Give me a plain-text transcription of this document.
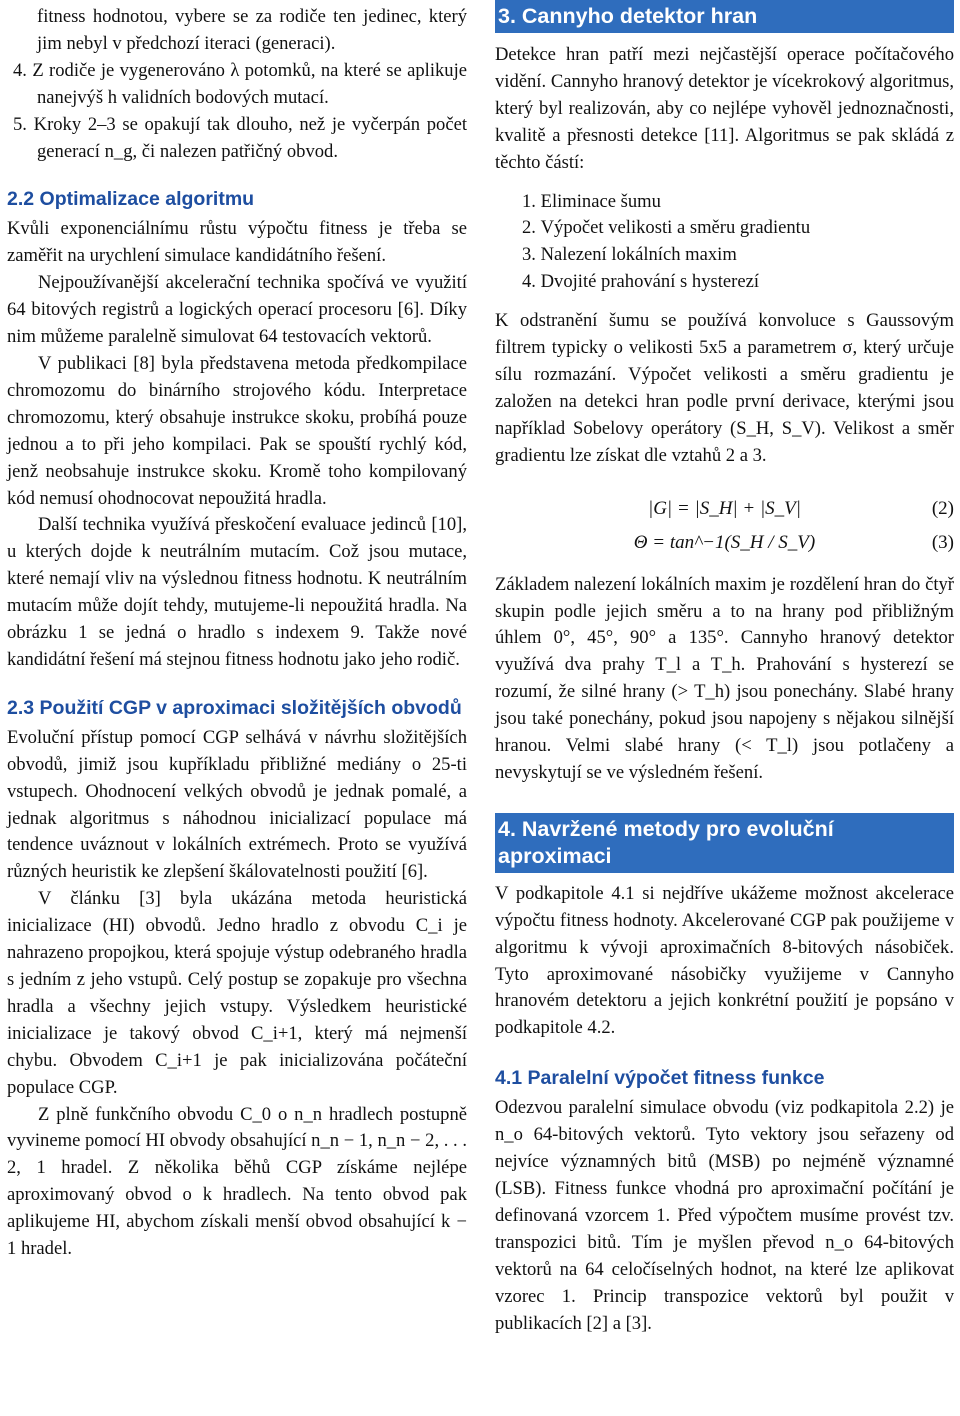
fitness hodnotou, vybere se za rodiče ten jedinec, který jim nebyl v předchozí iteraci (generaci).

4. Z rodiče je vygenerováno λ potomků, na které se aplikuje nanejvýš h validních bodových mutací.

5. Kroky 2–3 se opakují tak dlouho, než je vyčerpán počet generací n_g, či nalezen patřičný obvod.

2.2 Optimalizace algoritmu

Kvůli exponenciálnímu růstu výpočtu fitness je třeba se zaměřit na urychlení simulace kandidátního řešení.

Nejpoužívanější akcelerační technika spočívá ve využití 64 bitových registrů a logických operací procesoru [6]. Díky nim můžeme paralelně simulovat 64 testovacích vektorů.

V publikaci [8] byla představena metoda předkompilace chromozomu do binárního strojového kódu. Interpretace chromozomu, který obsahuje instrukce skoku, probíhá pouze jednou a to při jeho kompilaci. Pak se spouští rychlý kód, jenž neobsahuje instrukce skoku. Kromě toho kompilovaný kód nemusí ohodnocovat nepoužitá hradla.

Další technika využívá přeskočení evaluace jedinců [10], u kterých dojde k neutrálním mutacím. Což jsou mutace, které nemají vliv na výslednou fitness hodnotu. K neutrálním mutacím může dojít tehdy, mutujeme-li nepoužitá hradla. Na obrázku 1 se jedná o hradlo s indexem 9. Takže nové kandidátní řešení má stejnou fitness hodnotu jako jeho rodič.

2.3 Použití CGP v aproximaci složitějších obvodů

Evoluční přístup pomocí CGP selhává v návrhu složitějších obvodů, jimiž jsou kupříkladu přibližné mediány o 25-ti vstupech. Ohodnocení velkých obvodů je jednak pomalé, a jednak algoritmus s náhodnou inicializací populace má tendence uváznout v lokálních extrémech. Proto se využívá různých heuristik ke zlepšení škálovatelnosti použití [6].

V článku [3] byla ukázána metoda heuristická inicializace (HI) obvodů. Jedno hradlo z obvodu C_i je nahrazeno propojkou, která spojuje výstup odebraného hradla s jedním z jeho vstupů. Celý postup se zopakuje pro všechna hradla a všechny jejich vstupy. Výsledkem heuristické inicializace je takový obvod C_i+1, který má nejmenší chybu. Obvodem C_i+1 je pak inicializována počáteční populace CGP.

Z plně funkčního obvodu C_0 o n_n hradlech postupně vyvineme pomocí HI obvody obsahující n_n − 1, n_n − 2, . . . 2, 1 hradel. Z několika běhů CGP získáme nejlépe aproximovaný obvod o k hradlech. Na tento obvod pak aplikujeme HI, abychom získali menší obvod obsahující k − 1 hradel.

3. Cannyho detektor hran

Detekce hran patří mezi nejčastější operace počítačového vidění. Cannyho hranový detektor je vícekrokový algoritmus, který byl realizován, aby co nejlépe vyhověl jednoznačnosti, kvalitě a přesnosti detekce [11]. Algoritmus se pak skládá z těchto částí:

1.
Eliminace šumu
2.
Výpočet velikosti a směru gradientu
3.
Nalezení lokálních maxim
4.
Dvojité prahování s hysterezí

K odstranění šumu se používá konvoluce s Gaussovým filtrem typicky o velikosti 5x5 a parametrem σ, který určuje sílu rozmazání. Výpočet velikosti a směru gradientu je založen na detekci hran podle první derivace, kterými jsou například Sobelovy operátory (S_H, S_V). Velikost a směr gradientu lze získat dle vztahů 2 a 3.

|G| = |S_H| + |S_V|	(2)
Θ = tan^−1(S_H / S_V)	(3)

Základem nalezení lokálních maxim je rozdělení hran do čtyř skupin podle jejich směru a to na hrany pod přibližným úhlem 0°, 45°, 90° a 135°. Cannyho hranový detektor využívá dva prahy T_l a T_h. Prahování s hysterezí se rozumí, že silné hrany (> T_h) jsou ponechány. Slabé hrany jsou také ponechány, pokud jsou napojeny s nějakou silnější hranou. Velmi slabé hrany (< T_l) jsou potlačeny a nevyskytují se ve výsledném řešení.

4. Navržené metody pro evoluční aproximaci

V podkapitole 4.1 si nejdříve ukážeme možnost akcelerace výpočtu fitness hodnoty. Akcelerované CGP pak použijeme v algoritmu k vývoji aproximačních 8-bitových násobiček. Tyto aproximované násobičky využijeme v Cannyho hranovém detektoru a jejich konkrétní použití je popsáno v podkapitole 4.2.

4.1 Paralelní výpočet fitness funkce

Odezvou paralelní simulace obvodu (viz podkapitola 2.2) je n_o 64-bitových vektorů. Tyto vektory jsou seřazeny od nejvíce významných bitů (MSB) po nejméně významné (LSB). Fitness funkce vhodná pro aproximační počítání je definovaná vzorcem 1. Před výpočtem musíme provést tzv. transpozici bitů. Tím je myšlen převod n_o 64-bitových vektorů na 64 celočíselných hodnot, na které lze aplikovat vzorec 1. Princip transpozice vektorů byl použit v publikacích [2] a [3].
